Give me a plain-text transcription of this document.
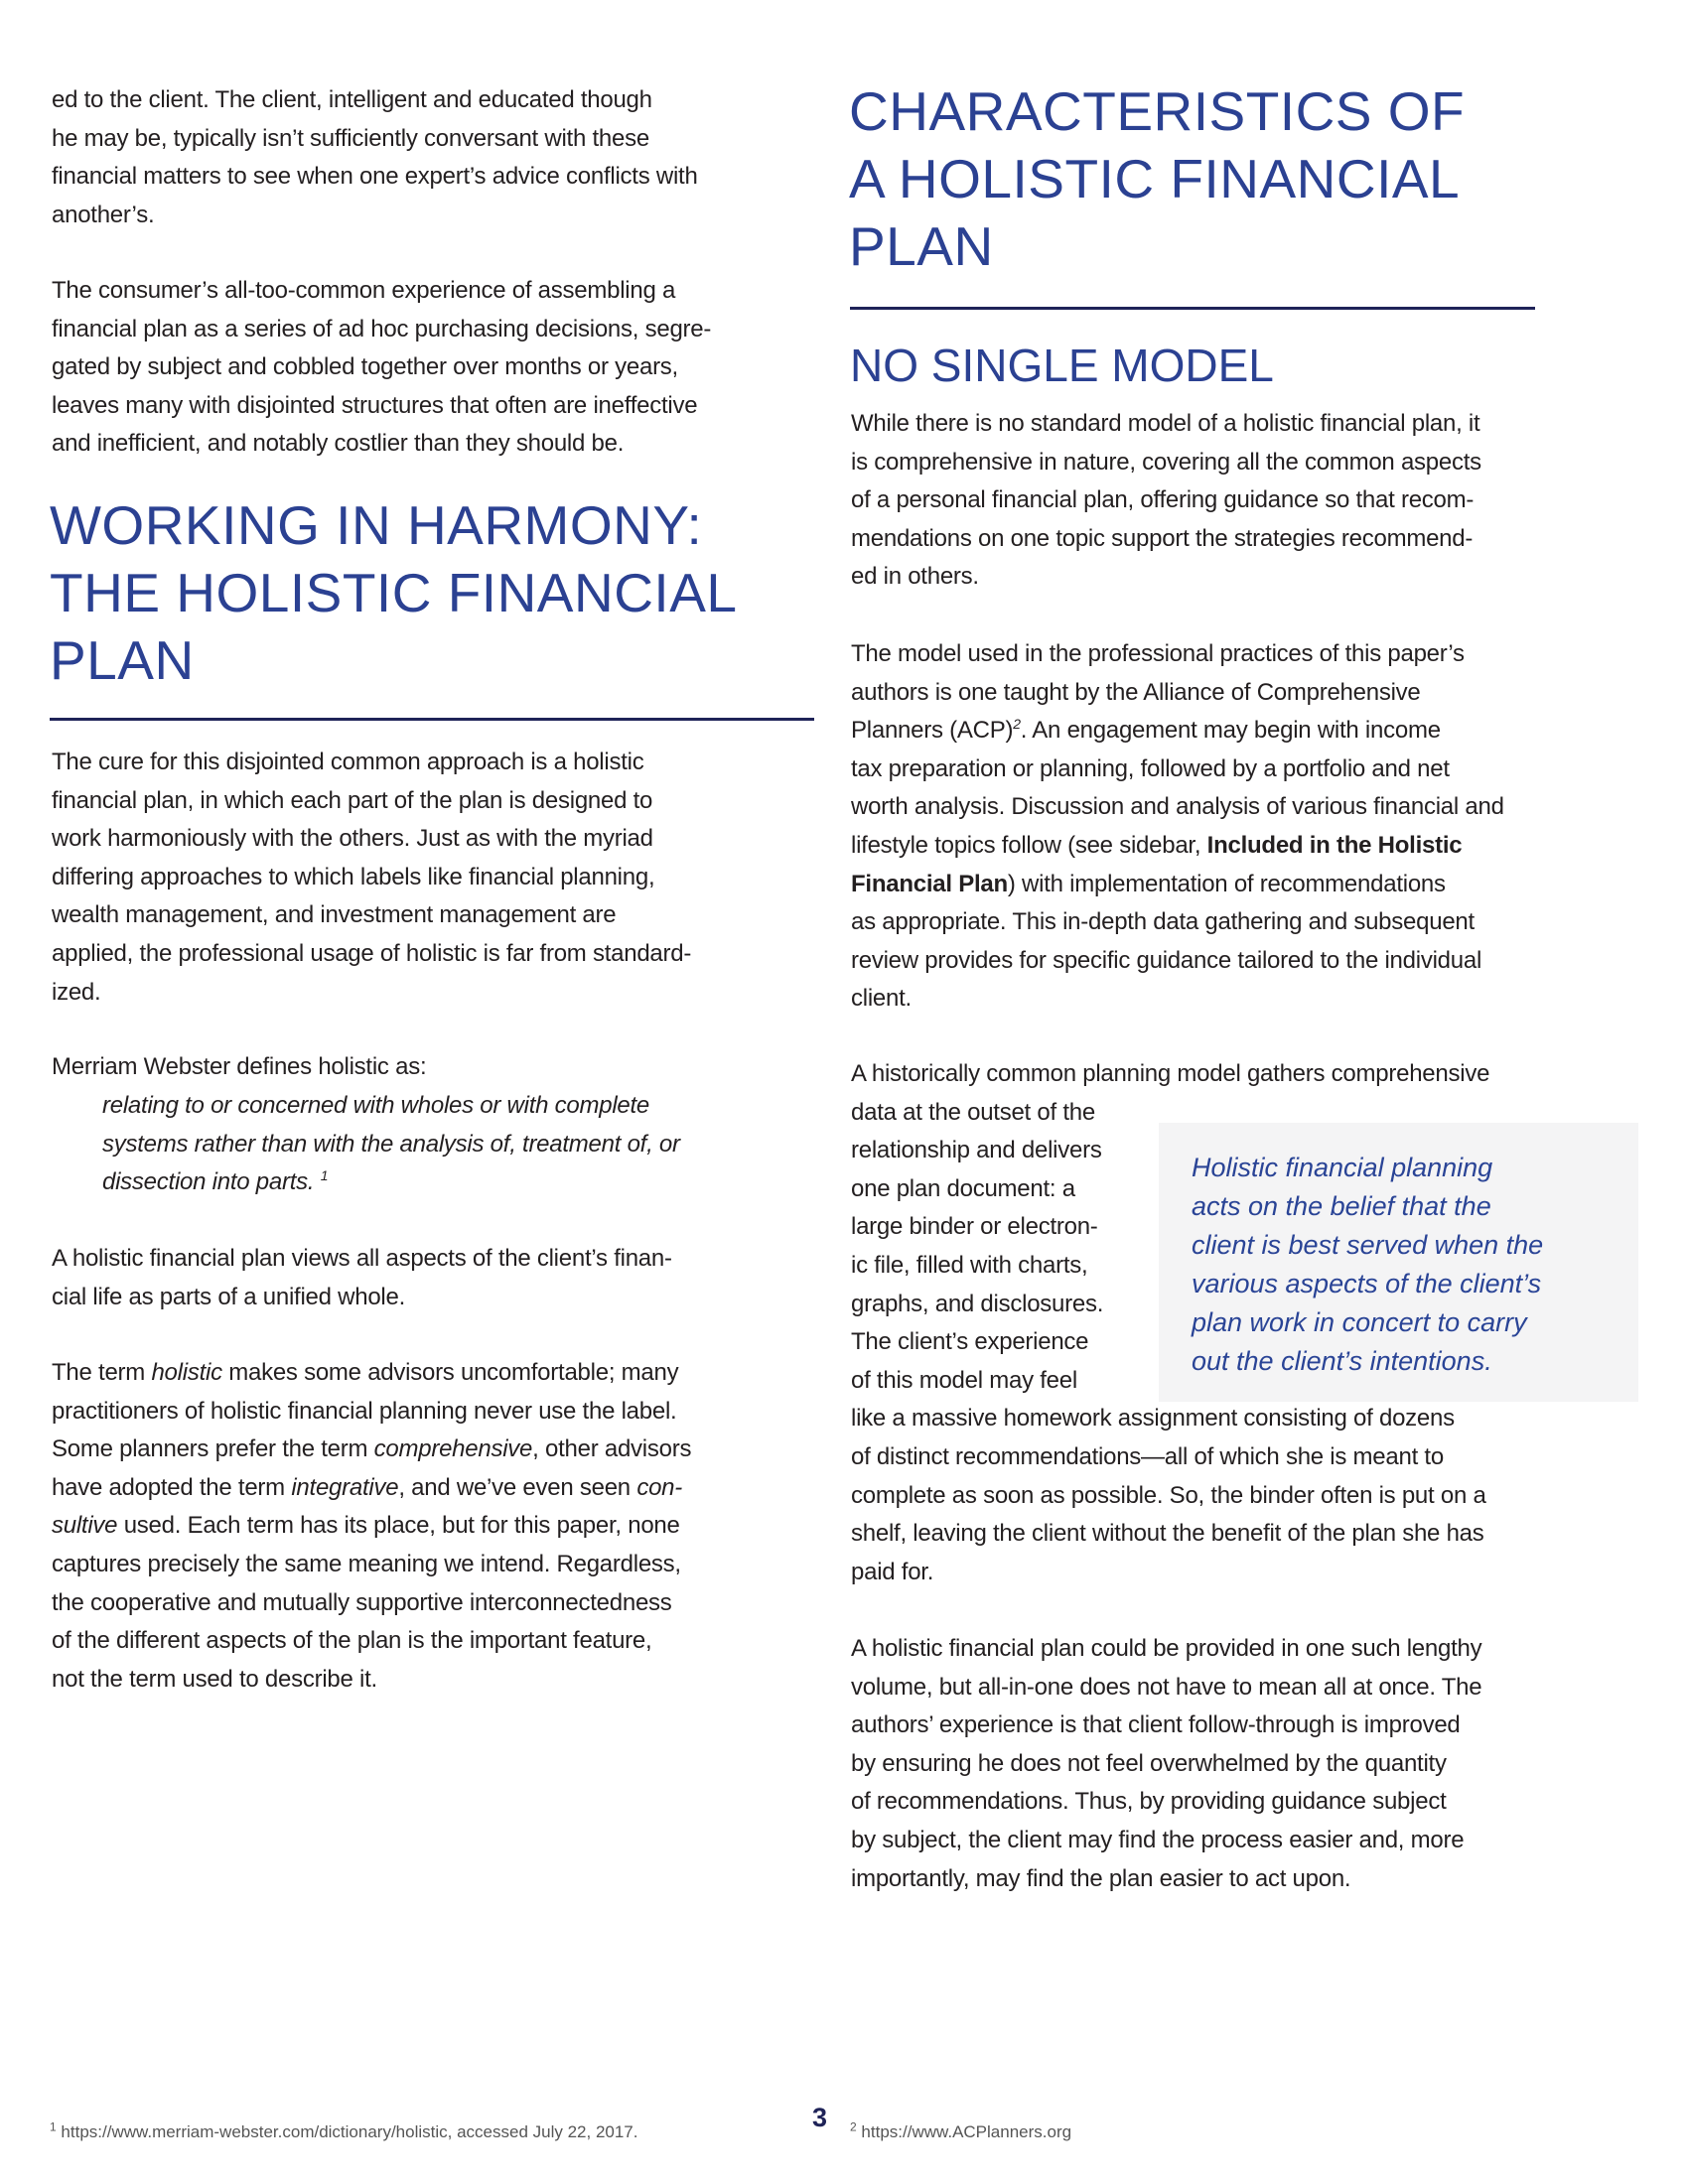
ed to the client. The client, intelligent and educated though
he may be, typically isn’t sufficiently conversant with these
financial matters to see when one expert’s advice conflicts with
another’s.
The consumer’s all-too-common experience of assembling a
financial plan as a series of ad hoc purchasing decisions, segre-
gated by subject and cobbled together over months or years,
leaves many with disjointed structures that often are ineffective
and inefficient, and notably costlier than they should be.
WORKING IN HARMONY:
THE HOLISTIC FINANCIAL
PLAN
The cure for this disjointed common approach is a holistic
financial plan, in which each part of the plan is designed to
work harmoniously with the others. Just as with the myriad
differing approaches to which labels like financial planning,
wealth management, and investment management are
applied, the professional usage of holistic is far from standard-
ized.
Merriam Webster defines holistic as:
relating to or concerned with wholes or with complete
systems rather than with the analysis of, treatment of, or
dissection into parts. $^1$
A holistic financial plan views all aspects of the client’s finan-
cial life as parts of a unified whole.
The term holistic makes some advisors uncomfortable; many
practitioners of holistic financial planning never use the label.
Some planners prefer the term comprehensive, other advisors
have adopted the term integrative, and we’ve even seen con-
sultive used. Each term has its place, but for this paper, none
captures precisely the same meaning we intend. Regardless,
the cooperative and mutually supportive interconnectedness
of the different aspects of the plan is the important feature,
not the term used to describe it.
CHARACTERISTICS OF
A HOLISTIC FINANCIAL
PLAN
NO SINGLE MODEL
While there is no standard model of a holistic financial plan, it
is comprehensive in nature, covering all the common aspects
of a personal financial plan, offering guidance so that recom-
mendations on one topic support the strategies recommend-
ed in others.
The model used in the professional practices of this paper’s
authors is one taught by the Alliance of Comprehensive
Planners (ACP)$^2$. An engagement may begin with income
tax preparation or planning, followed by a portfolio and net
worth analysis. Discussion and analysis of various financial and
lifestyle topics follow (see sidebar, Included in the Holistic
Financial Plan) with implementation of recommendations
as appropriate. This in-depth data gathering and subsequent
review provides for specific guidance tailored to the individual
client.
A historically common planning model gathers comprehensive
data at the outset of the
relationship and delivers
one plan document: a
large binder or electron-
ic file, filled with charts,
graphs, and disclosures.
The client’s experience
of this model may feel
like a massive homework assignment consisting of dozens
of distinct recommendations—all of which she is meant to
complete as soon as possible. So, the binder often is put on a
shelf, leaving the client without the benefit of the plan she has
paid for.
Holistic financial planning
acts on the belief that the
client is best served when the
various aspects of the client’s
plan work in concert to carry
out the client’s intentions.
A holistic financial plan could be provided in one such lengthy
volume, but all-in-one does not have to mean all at once. The
authors’ experience is that client follow-through is improved
by ensuring he does not feel overwhelmed by the quantity
of recommendations. Thus, by providing guidance subject
by subject, the client may find the process easier and, more
importantly, may find the plan easier to act upon.
$^1$ https://www.merriam-webster.com/dictionary/holistic, accessed July 22, 2017.	3 $^2$ https://www.ACPlanners.org
